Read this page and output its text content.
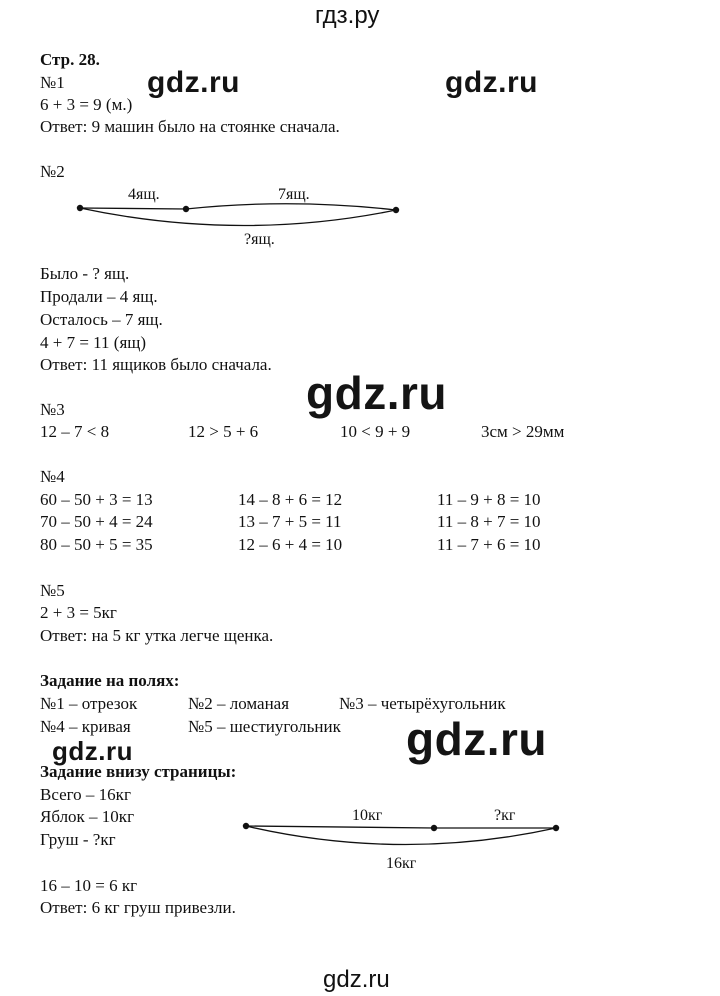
гдз.ру
gdz.ru	gdz.ru
gdz.ru
gdz.ru
gdz.ru
gdz.ru
Стр. 28.
№1
6 + 3 = 9 (м.)
Ответ: 9 машин было на стоянке сначала.
№2
4ящ.	7ящ.
?ящ.
Было - ? ящ.
Продали – 4 ящ.
Осталось – 7 ящ.
4 + 7 = 11 (ящ)
Ответ: 11 ящиков было сначала.
№3
12 – 7 < 8	12 > 5 + 6	10 < 9 + 9	3см > 29мм
№4
60 – 50 + 3 = 13	14 – 8 + 6 = 12	11 – 9 + 8 = 10
70 – 50 + 4 = 24	13 – 7 + 5 = 11	11 – 8 + 7 = 10
80 – 50 + 5 = 35	12 – 6 + 4 = 10	11 – 7 + 6 = 10
№5
2 + 3 = 5кг
Ответ: на 5 кг утка легче щенка.
Задание на полях:
№1 – отрезок	№2 – ломаная	№3 – четырёхугольник
№4 – кривая	№5 – шестиугольник
Задание внизу страницы:
Всего – 16кг
Яблок – 10кг
Груш - ?кг
10кг	?кг
16кг
16 – 10 = 6 кг
Ответ: 6 кг груш привезли.
